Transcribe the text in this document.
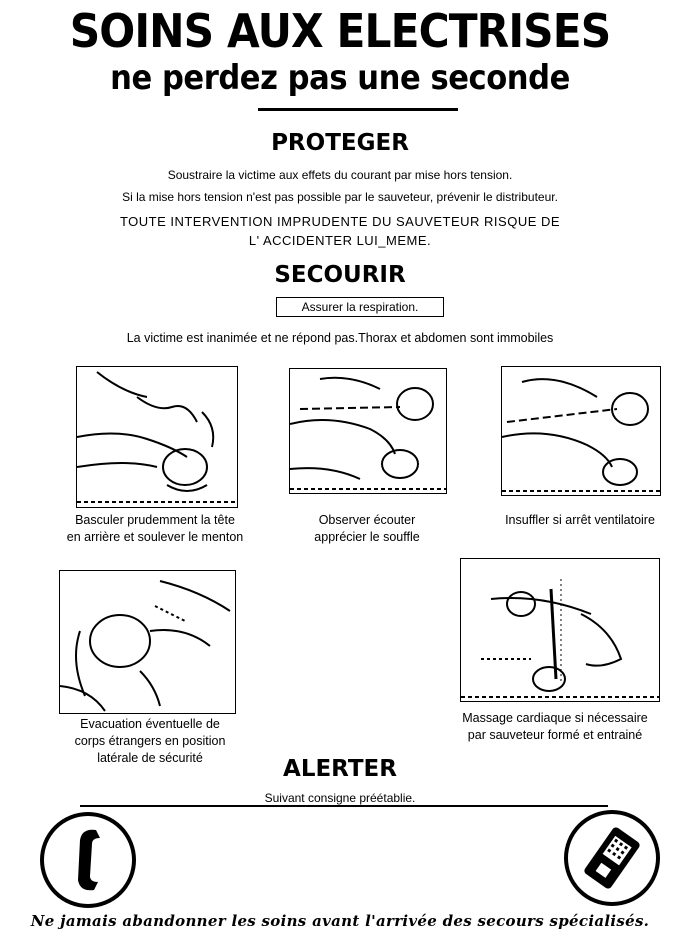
SOINS AUX ELECTRISES
ne perdez pas une seconde
PROTEGER
Soustraire la victime aux effets du courant par mise hors tension.
Si la mise hors tension n'est pas possible par le sauveteur, prévenir le distributeur.
TOUTE INTERVENTION IMPRUDENTE DU SAUVETEUR RISQUE DE
L' ACCIDENTER LUI_MEME.
SECOURIR
Assurer la respiration.
La victime est inanimée et ne répond pas.Thorax et abdomen sont immobiles
Basculer prudemment la tête
en arrière et soulever le menton
Observer écouter
apprécier le souffle
Insuffler si arrêt ventilatoire
Evacuation éventuelle de
corps étrangers en position
latérale de sécurité
Massage cardiaque si nécessaire
par sauveteur formé et entrainé
ALERTER
Suivant consigne préétablie.
Ne jamais abandonner les soins avant l'arrivée des secours spécialisés.
